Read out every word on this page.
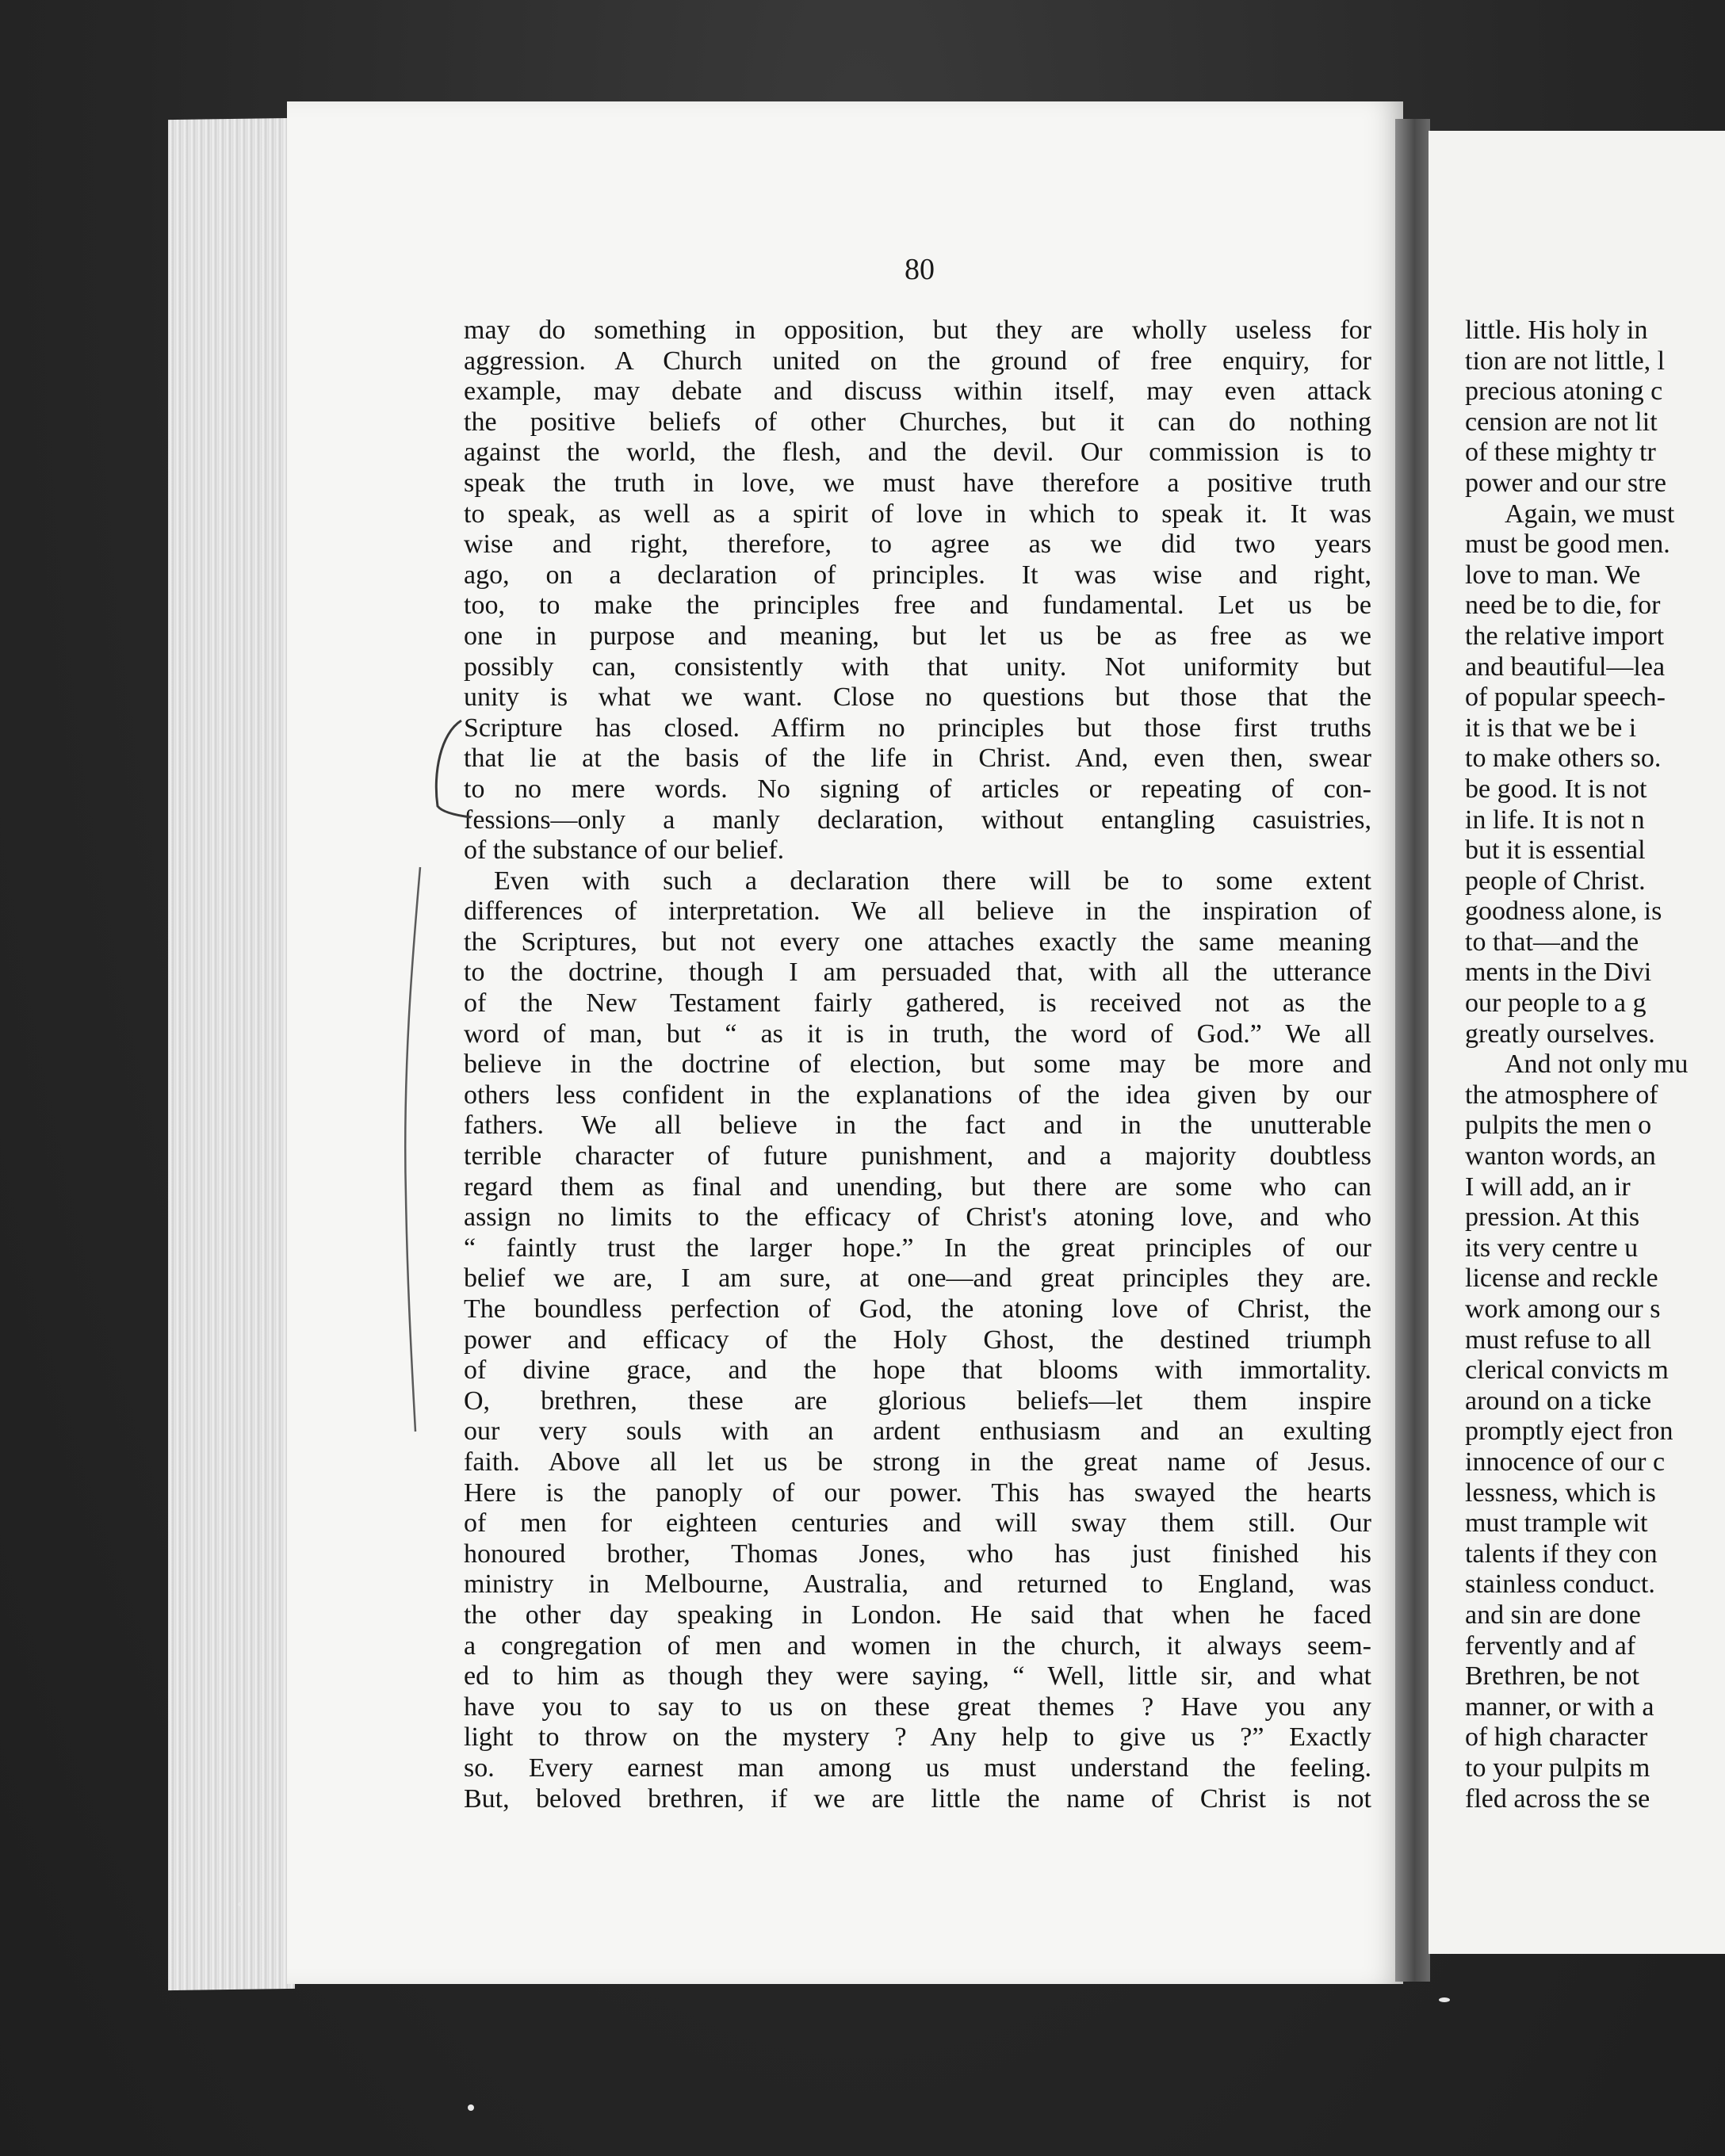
80
may do something in opposition, but they are wholly useless for
aggression. A Church united on the ground of free enquiry, for
example, may debate and discuss within itself, may even attack
the positive beliefs of other Churches, but it can do nothing
against the world, the flesh, and the devil. Our commission is to
speak the truth in love, we must have therefore a positive truth
to speak, as well as a spirit of love in which to speak it. It was
wise and right, therefore, to agree as we did two years
ago, on a declaration of principles. It was wise and right,
too, to make the principles free and fundamental. Let us be
one in purpose and meaning, but let us be as free as we
possibly can, consistently with that unity. Not uniformity but
unity is what we want. Close no questions but those that the
Scripture has closed. Affirm no principles but those first truths
that lie at the basis of the life in Christ. And, even then, swear
to no mere words. No signing of articles or repeating of con-
fessions—only a manly declaration, without entangling casuistries,
of the substance of our belief.
Even with such a declaration there will be to some extent
differences of interpretation. We all believe in the inspiration of
the Scriptures, but not every one attaches exactly the same meaning
to the doctrine, though I am persuaded that, with all the utterance
of the New Testament fairly gathered, is received not as the
word of man, but “ as it is in truth, the word of God.” We all
believe in the doctrine of election, but some may be more and
others less confident in the explanations of the idea given by our
fathers. We all believe in the fact and in the unutterable
terrible character of future punishment, and a majority doubtless
regard them as final and unending, but there are some who can
assign no limits to the efficacy of Christ's atoning love, and who
“ faintly trust the larger hope.” In the great principles of our
belief we are, I am sure, at one—and great principles they are.
The boundless perfection of God, the atoning love of Christ, the
power and efficacy of the Holy Ghost, the destined triumph
of divine grace, and the hope that blooms with immortality.
O, brethren, these are glorious beliefs—let them inspire
our very souls with an ardent enthusiasm and an exulting
faith. Above all let us be strong in the great name of Jesus.
Here is the panoply of our power. This has swayed the hearts
of men for eighteen centuries and will sway them still. Our
honoured brother, Thomas Jones, who has just finished his
ministry in Melbourne, Australia, and returned to England, was
the other day speaking in London. He said that when he faced
a congregation of men and women in the church, it always seem-
ed to him as though they were saying, “ Well, little sir, and what
have you to say to us on these great themes ? Have you any
light to throw on the mystery ? Any help to give us ?” Exactly
so. Every earnest man among us must understand the feeling.
But, beloved brethren, if we are little the name of Christ is not
little. His holy in
tion are not little, l
precious atoning c
cension are not lit
of these mighty tr
power and our stre
Again, we must
must be good men.
love to man. We
need be to die, for
the relative import
and beautiful—lea
of popular speech-
it is that we be i
to make others so.
be good. It is not
in life. It is not n
but it is essential
people of Christ.
goodness alone, is
to that—and the
ments in the Divi
our people to a g
greatly ourselves.
And not only mu
the atmosphere of
pulpits the men o
wanton words, an
I will add, an ir
pression. At this
its very centre u
license and reckle
work among our s
must refuse to all
clerical convicts m
around on a ticke
promptly eject fron
innocence of our c
lessness, which is
must trample wit
talents if they con
stainless conduct.
and sin are done
fervently and af
Brethren, be not
manner, or with a
of high character
to your pulpits m
fled across the se
